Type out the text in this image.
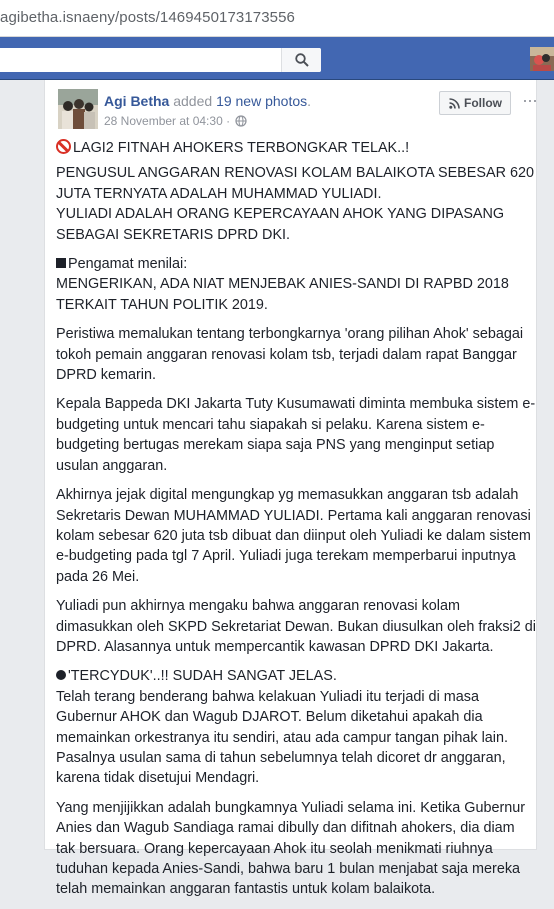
agibetha.isnaeny/posts/1469450173173556
Agi Betha added 19 new photos.
28 November at 04:30 ·
Follow ···

LAGI2 FITNAH AHOKERS TERBONGKAR TELAK..!

PENGUSUL ANGGARAN RENOVASI KOLAM BALAIKOTA SEBESAR 620 JUTA TERNYATA ADALAH MUHAMMAD YULIADI.
YULIADI ADALAH ORANG KEPERCAYAAN AHOK YANG DIPASANG SEBAGAI SEKRETARIS DPRD DKI.

Pengamat menilai:
MENGERIKAN, ADA NIAT MENJEBAK ANIES-SANDI DI RAPBD 2018 TERKAIT TAHUN POLITIK 2019.

Peristiwa memalukan tentang terbongkarnya 'orang pilihan Ahok' sebagai tokoh pemain anggaran renovasi kolam tsb, terjadi dalam rapat Banggar DPRD kemarin.

Kepala Bappeda DKI Jakarta Tuty Kusumawati diminta membuka sistem e-budgeting untuk mencari tahu siapakah si pelaku. Karena sistem e-budgeting bertugas merekam siapa saja PNS yang menginput setiap usulan anggaran.

Akhirnya jejak digital mengungkap yg memasukkan anggaran tsb adalah Sekretaris Dewan MUHAMMAD YULIADI. Pertama kali anggaran renovasi kolam sebesar 620 juta tsb dibuat dan diinput oleh Yuliadi ke dalam sistem e-budgeting pada tgl 7 April. Yuliadi juga terekam memperbarui inputnya pada 26 Mei.

Yuliadi pun akhirnya mengaku bahwa anggaran renovasi kolam dimasukkan oleh SKPD Sekretariat Dewan. Bukan diusulkan oleh fraksi2 di DPRD. Alasannya untuk mempercantik kawasan DPRD DKI Jakarta.

'TERCYDUK'..!! SUDAH SANGAT JELAS.
Telah terang benderang bahwa kelakuan Yuliadi itu terjadi di masa Gubernur AHOK dan Wagub DJAROT. Belum diketahui apakah dia memainkan orkestranya itu sendiri, atau ada campur tangan pihak lain. Pasalnya usulan sama di tahun sebelumnya telah dicoret dr anggaran, karena tidak disetujui Mendagri.

Yang menjijikkan adalah bungkamnya Yuliadi selama ini. Ketika Gubernur Anies dan Wagub Sandiaga ramai dibully dan difitnah ahokers, dia diam tak bersuara. Orang kepercayaan Ahok itu seolah menikmati riuhnya tuduhan kepada Anies-Sandi, bahwa baru 1 bulan menjabat saja mereka telah memainkan anggaran fantastis untuk kolam balaikota.
